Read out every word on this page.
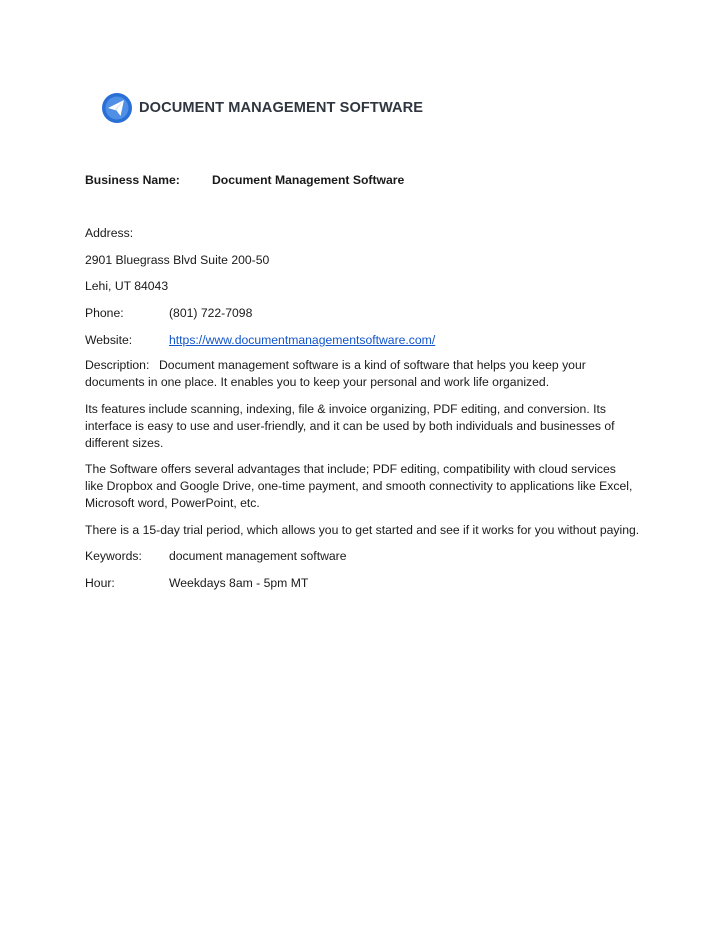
DOCUMENT MANAGEMENT SOFTWARE
Business Name:	Document Management Software
Address:
2901 Bluegrass Blvd Suite 200-50
Lehi, UT 84043
Phone:	(801) 722-7098
Website:	https://www.documentmanagementsoftware.com/
Description: Document management software is a kind of software that helps you keep your documents in one place. It enables you to keep your personal and work life organized.
Its features include scanning, indexing, file & invoice organizing, PDF editing, and conversion. Its interface is easy to use and user-friendly, and it can be used by both individuals and businesses of different sizes.
The Software offers several advantages that include; PDF editing, compatibility with cloud services like Dropbox and Google Drive, one-time payment, and smooth connectivity to applications like Excel, Microsoft word, PowerPoint, etc.
There is a 15-day trial period, which allows you to get started and see if it works for you without paying.
Keywords: document management software
Hour:	Weekdays 8am - 5pm MT
